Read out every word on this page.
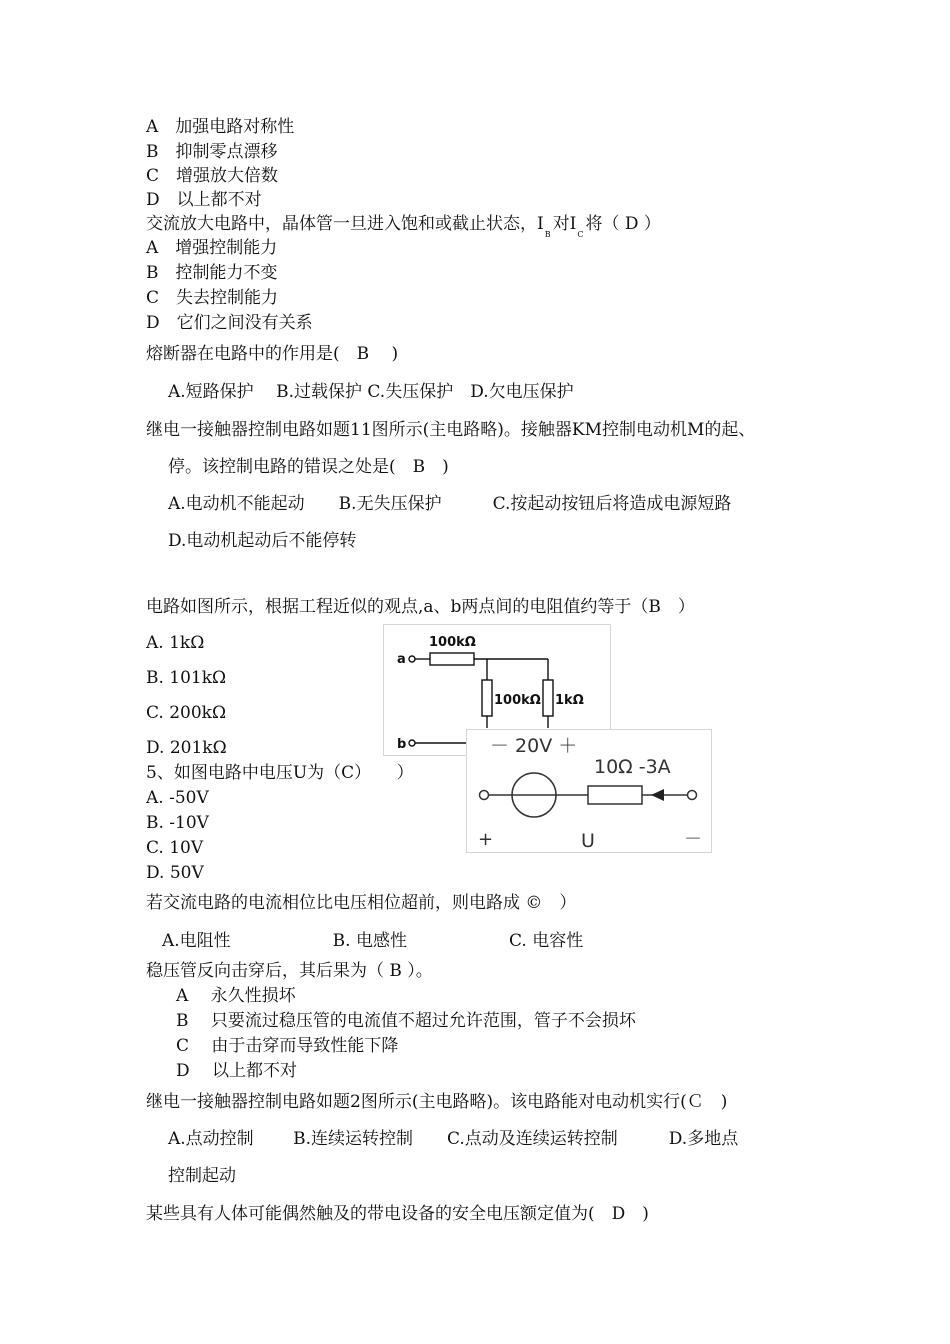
A　加强电路对称性
B　抑制零点漂移
C　增强放大倍数
D　以上都不对
交流放大电路中，晶体管一旦进入饱和或截止状态，$I_B$对$I_C$将（ D ）
A　增强控制能力
B　控制能力不变
C　失去控制能力
D　它们之间没有关系
熔断器在电路中的作用是(　B　 )
A.短路保护　 B.过载保护 C.失压保护　D.欠电压保护
继电一接触器控制电路如题11图所示(主电路略)。接触器KM控制电动机M的起、
停。该控制电路的错误之处是(　B　)
A.电动机不能起动　　B.无失压保护　　　C.按起动按钮后将造成电源短路
D.电动机起动后不能停转
电路如图所示，根据工程近似的观点,a、b两点间的电阻值约等于（B　）
A. 1kΩ
B. 101kΩ
C. 200kΩ
D. 201kΩ
a
100kΩ
100kΩ 1kΩ
b
5、如图电路中电压U为（C）　　）
A. -50V
B. -10V
C. 10V
D. 50V
－ 20V ＋
10Ω -3A
+	U	－
若交流电路的电流相位比电压相位超前，则电路成 ©　）
A.电阻性　　　　　　B. 电感性　　　　　　C. 电容性
稳压管反向击穿后，其后果为（ B ）。
A　 永久性损坏
B　 只要流过稳压管的电流值不超过允许范围，管子不会损坏
C　 由于击穿而导致性能下降
D　 以上都不对
继电一接触器控制电路如题2图所示(主电路略)。该电路能对电动机实行(Ｃ　)
A.点动控制　　 B.连续运转控制　　C.点动及连续运转控制　　　D.多地点
控制起动
某些具有人体可能偶然触及的带电设备的安全电压额定值为(　D　)
